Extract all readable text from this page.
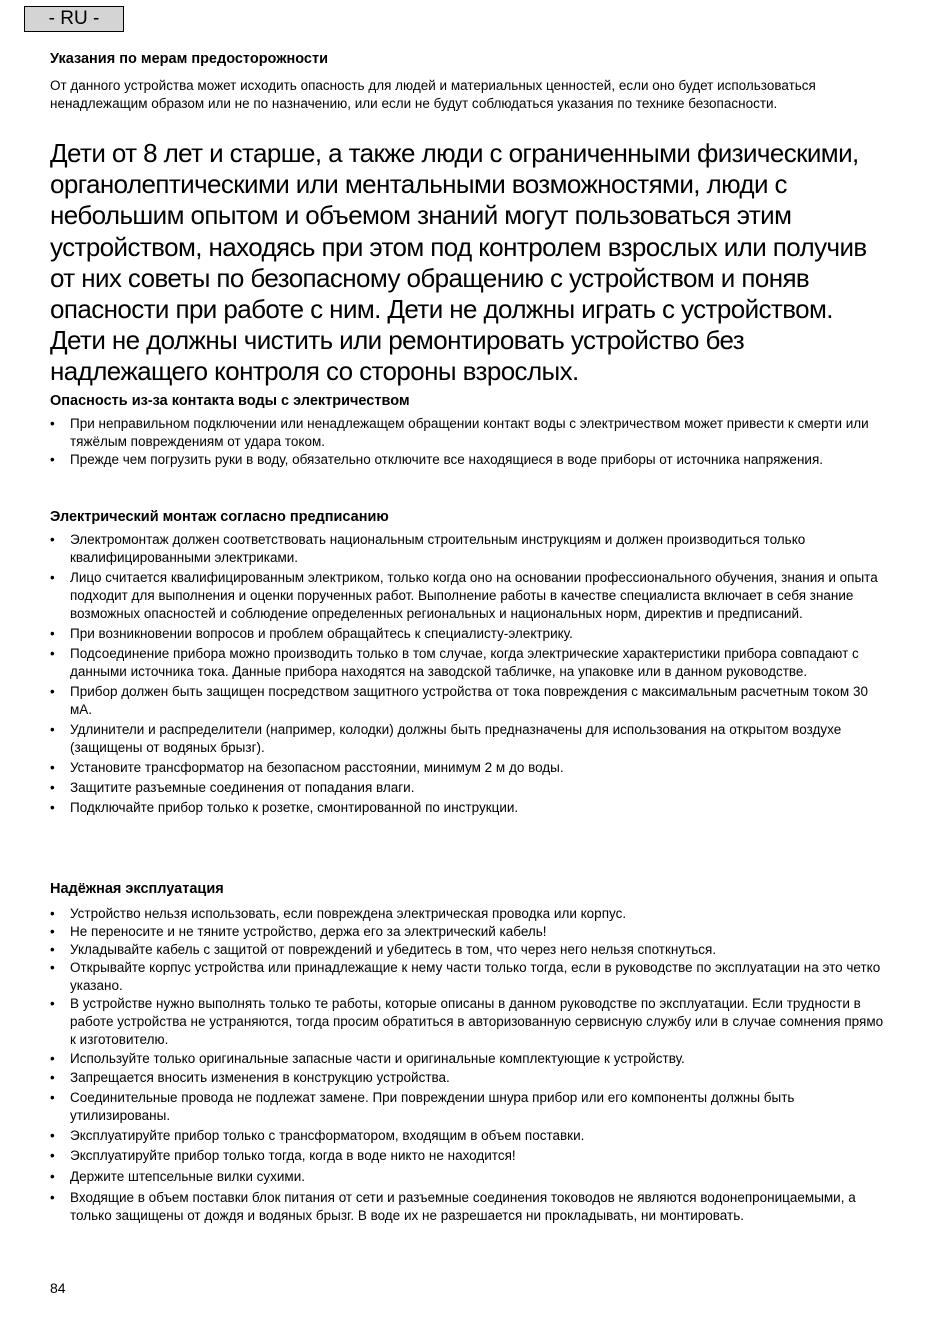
- RU -
Указания по мерам предосторожности

От данного устройства может исходить опасность для людей и материальных ценностей, если оно будет использоваться ненадлежащим образом или не по назначению, или если не будут соблюдаться указания по технике безопасности.

Дети от 8 лет и старше, а также люди с ограниченными физическими,
органолептическими или ментальными возможностями, люди с
небольшим опытом и объемом знаний могут пользоваться этим
устройством, находясь при этом под контролем взрослых или получив
от них советы по безопасному обращению с устройством и поняв
опасности при работе с ним. Дети не должны играть с устройством.
Дети не должны чистить или ремонтировать устройство без
надлежащего контроля со стороны взрослых.
Опасность из-за контакта воды с электричеством
• При неправильном подключении или ненадлежащем обращении контакт воды с электричеством может привести к смерти или тяжёлым повреждениям от удара током.
• Прежде чем погрузить руки в воду, обязательно отключите все находящиеся в воде приборы от источника напряжения.
Электрический монтаж согласно предписанию
• Электромонтаж должен соответствовать национальным строительным инструкциям и должен производиться только квалифицированными электриками.
• Лицо считается квалифицированным электриком, только когда оно на основании профессионального обучения, знания и опыта подходит для выполнения и оценки порученных работ. Выполнение работы в качестве специалиста включает в себя знание возможных опасностей и соблюдение определенных региональных и национальных норм, директив и предписаний.
• При возникновении вопросов и проблем обращайтесь к специалисту-электрику.
• Подсоединение прибора можно производить только в том случае, когда электрические характеристики прибора совпадают с данными источника тока. Данные прибора находятся на заводской табличке, на упаковке или в данном руководстве.
• Прибор должен быть защищен посредством защитного устройства от тока повреждения с максимальным расчетным током 30 мА.
• Удлинители и распределители (например, колодки) должны быть предназначены для использования на открытом воздухе (защищены от водяных брызг).
• Установите трансформатор на безопасном расстоянии, минимум 2 м до воды.
• Защитите разъемные соединения от попадания влаги.
• Подключайте прибор только к розетке, смонтированной по инструкции.
Надёжная эксплуатация
• Устройство нельзя использовать, если повреждена электрическая проводка или корпус.
• Не переносите и не тяните устройство, держа его за электрический кабель!
• Укладывайте кабель с защитой от повреждений и убедитесь в том, что через него нельзя споткнуться.
• Открывайте корпус устройства или принадлежащие к нему части только тогда, если в руководстве по эксплуатации на это четко указано.
• В устройстве нужно выполнять только те работы, которые описаны в данном руководстве по эксплуатации. Если трудности в работе устройства не устраняются, тогда просим обратиться в авторизованную сервисную службу или в случае сомнения прямо к изготовителю.
• Используйте только оригинальные запасные части и оригинальные комплектующие к устройству.
• Запрещается вносить изменения в конструкцию устройства.
• Соединительные провода не подлежат замене. При повреждении шнура прибор или его компоненты должны быть утилизированы.
• Эксплуатируйте прибор только с трансформатором, входящим в объем поставки.
• Эксплуатируйте прибор только тогда, когда в воде никто не находится!
• Держите штепсельные вилки сухими.
• Входящие в объем поставки блок питания от сети и разъемные соединения тоководов не являются водонепроницаемыми, а только защищены от дождя и водяных брызг. В воде их не разрешается ни прокладывать, ни монтировать.
84
